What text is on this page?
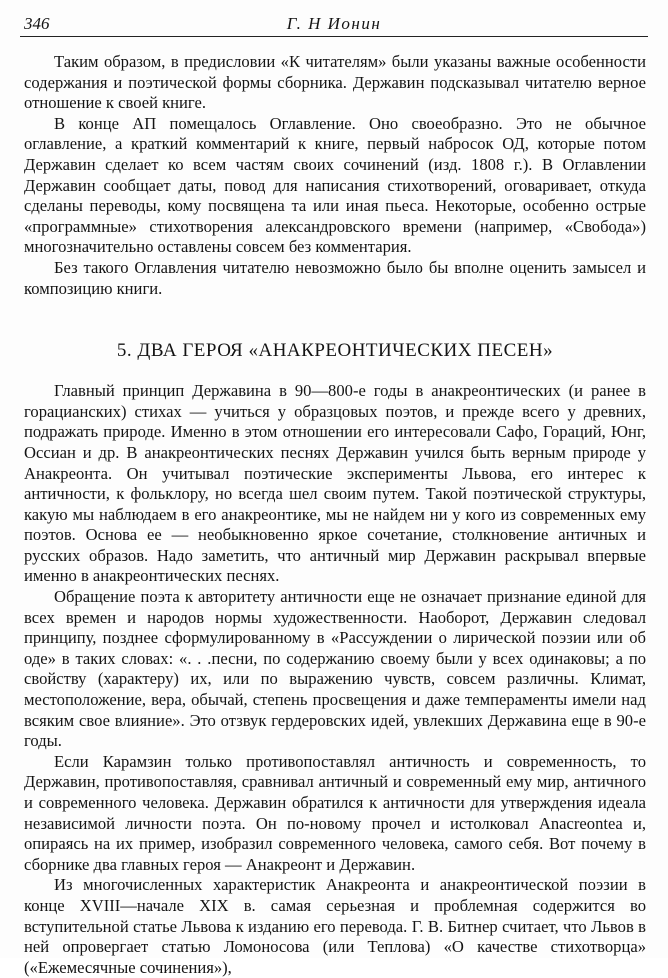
346	Г. Н Ионин

Таким образом, в предисловии «К читателям» были указаны важные особенности содержания и поэтической формы сборника. Державин подсказывал читателю верное отношение к своей книге.

В конце АП помещалось Оглавление. Оно своеобразно. Это не обычное оглавление, а краткий комментарий к книге, первый набросок ОД, которые потом Державин сделает ко всем частям своих сочинений (изд. 1808 г.). В Оглавлении Державин сообщает даты, повод для написания стихотворений, оговаривает, откуда сделаны переводы, кому посвящена та или иная пьеса. Некоторые, особенно острые «программные» стихотворения александровского времени (например, «Свобода») многозначительно оставлены совсем без комментария.

Без такого Оглавления читателю невозможно было бы вполне оценить замысел и композицию книги.

5. ДВА ГЕРОЯ «АНАКРЕОНТИЧЕСКИХ ПЕСЕН»

Главный принцип Державина в 90—800-е годы в анакреонтических (и ранее в горацианских) стихах — учиться у образцовых поэтов, и прежде всего у древних, подражать природе. Именно в этом отношении его интересовали Сафо, Гораций, Юнг, Оссиан и др. В анакреонтических песнях Державин учился быть верным природе у Анакреонта. Он учитывал поэтические эксперименты Львова, его интерес к античности, к фольклору, но всегда шел своим путем. Такой поэтической структуры, какую мы наблюдаем в его анакреонтике, мы не найдем ни у кого из современных ему поэтов. Основа ее — необыкновенно яркое сочетание, столкновение античных и русских образов. Надо заметить, что античный мир Державин раскрывал впервые именно в анакреонтических песнях.

Обращение поэта к авторитету античности еще не означает признание единой для всех времен и народов нормы художественности. Наоборот, Державин следовал принципу, позднее сформулированному в «Рассуждении о лирической поэзии или об оде» в таких словах: «. . .песни, по содержанию своему были у всех одинаковы; а по свойству (характеру) их, или по выражению чувств, совсем различны. Климат, местоположение, вера, обычай, степень просвещения и даже темпераменты имели над всяким свое влияние». Это отзвук гердеровских идей, увлекших Державина еще в 90-е годы.

Если Карамзин только противопоставлял античность и современность, то Державин, противопоставляя, сравнивал античный и современный ему мир, античного и современного человека. Державин обратился к античности для утверждения идеала независимой личности поэта. Он по-новому прочел и истолковал Anacreontea и, опираясь на их пример, изобразил современного человека, самого себя. Вот почему в сборнике два главных героя — Анакреонт и Державин.

Из многочисленных характеристик Анакреонта и анакреонтической поэзии в конце XVIII—начале XIX в. самая серьезная и проблемная содержится во вступительной статье Львова к изданию его перевода. Г. В. Битнер считает, что Львов в ней опровергает статью Ломоносова (или Теплова) «О качестве стихотворца» («Ежемесячные сочинения»),
